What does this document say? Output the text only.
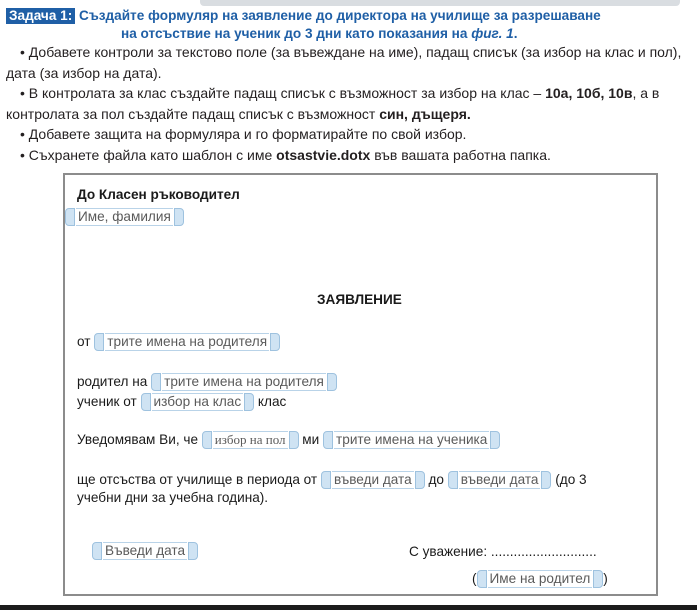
Задача 1: Създайте формуляр на заявление до директора на училище за разрешаване
на отсъствие на ученик до 3 дни като показания на фиг. 1.

• Добавете контроли за текстово поле (за въвеждане на име), падащ списък (за избор на клас и пол), дата (за избор на дата).

• В контролата за клас създайте падащ списък с възможност за избор на клас – 10а, 10б, 10в, а в контролата за пол създайте падащ списък с възможност син, дъщеря.

• Добавете защита на формуляра и го форматирайте по свой избор.

• Съхранете файла като шаблон с име otsastvie.dotx във вашата работна папка.

До Класен ръководител
Име, фамилия
ЗАЯВЛЕНИЕ
от трите имена на родителя
родител на трите имена на родителя
ученик от избор на клас клас
Уведомявам Ви, че избор на пол ми трите имена на ученика
ще отсъства от училище в периода от въведи дата до въведи дата (до 3
учебни дни за учебна година).
Въведи дата	С уважение: ............................
( Име на родител )
